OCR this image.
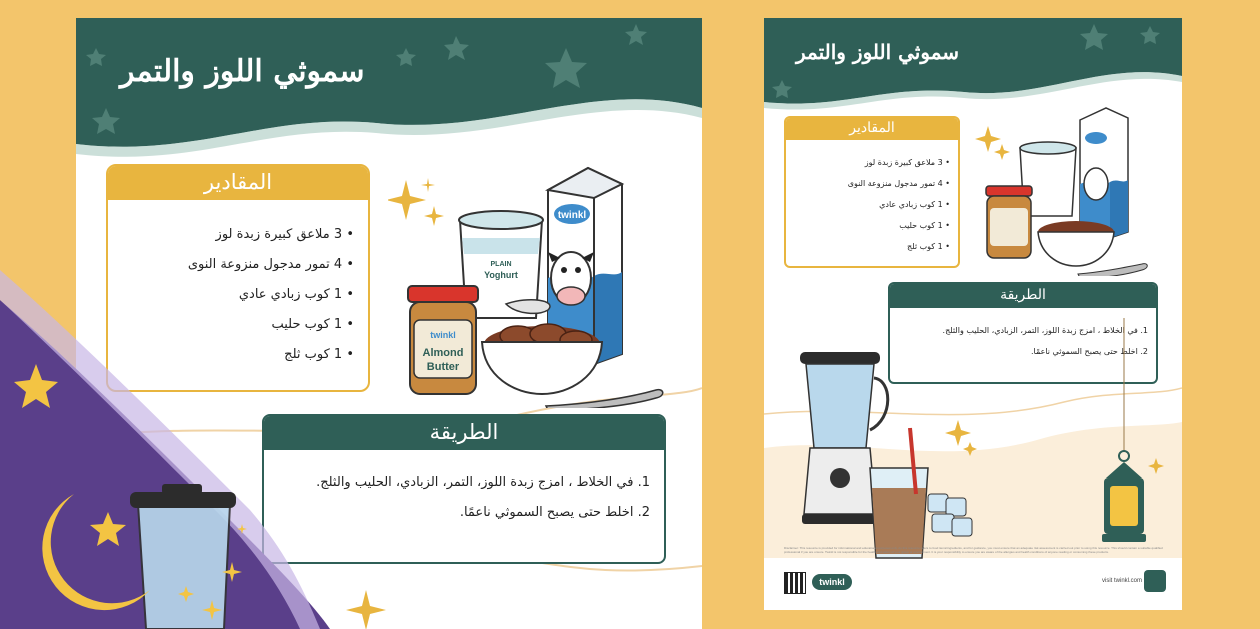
سموثي اللوز والتمر
المقادير
• 3 ملاعق كبيرة زبدة لوز
• 4 تمور مدجول منزوعة النوى
• 1 كوب زبادي عادي
• 1 كوب حليب
• 1 كوب ثلج
twinkl
PLAIN
Yoghurt
twinkl
Almond
Butter
الطريقة
1. في الخلاط ، امزج زبدة اللوز، التمر، الزبادي، الحليب والثلج.
2. اخلط حتى يصبح السموثي ناعمًا.
سموثي اللوز والتمر
المقادير
• 3 ملاعق كبيرة زبدة لوز
• 4 تمور مدجول منزوعة النوى
• 1 كوب زبادي عادي
• 1 كوب حليب
• 1 كوب ثلج
الطريقة
1. في الخلاط ، امزج زبدة اللوز، التمر، الزبادي، الحليب والثلج.
2. اخلط حتى يصبح السموثي ناعمًا.
Disclaimer: This resource is provided for informational and educational purposes only. As this resource refers to food items/ingredients, and for guidance, you must ensure that an adequate risk assessment is carried out prior to using this resource. This should contain a suitable qualified professional if you are unsure. Twinkl is not responsible for the health and safety of your group or environment. It is your responsibility to ensure you are aware of the allergies and health conditions of anyone reading or consuming these products.
twinkl	visit twinkl.com
